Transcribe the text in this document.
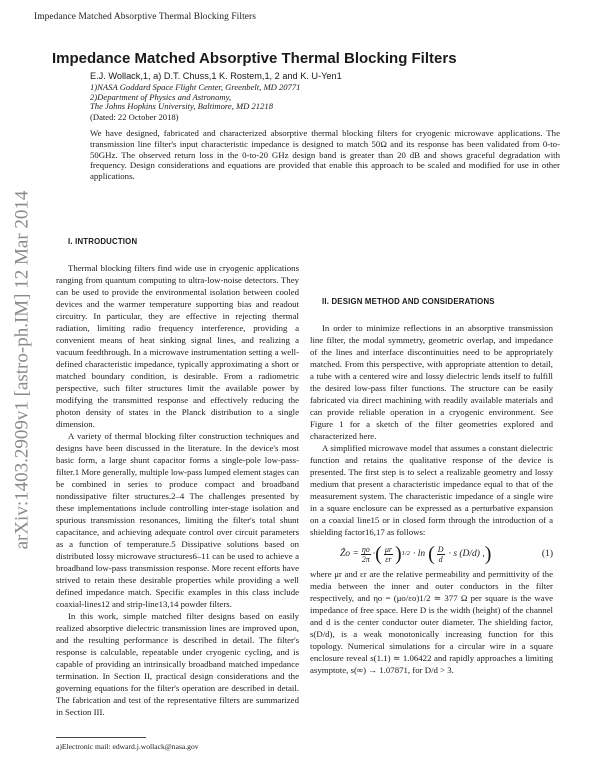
Impedance Matched Absorptive Thermal Blocking Filters
Impedance Matched Absorptive Thermal Blocking Filters
E.J. Wollack,1, a) D.T. Chuss,1 K. Rostem,1, 2 and K. U-Yen1
1)NASA Goddard Space Flight Center, Greenbelt, MD 20771
2)Department of Physics and Astronomy,
The Johns Hopkins University, Baltimore, MD 21218
(Dated: 22 October 2018)
We have designed, fabricated and characterized absorptive thermal blocking filters for cryogenic microwave applications. The transmission line filter's input characteristic impedance is designed to match 50Ω and its response has been validated from 0-to-50GHz. The observed return loss in the 0-to-20 GHz design band is greater than 20 dB and shows graceful degradation with frequency. Design considerations and equations are provided that enable this approach to be scaled and modified for use in other applications.
arXiv:1403.2909v1 [astro-ph.IM] 12 Mar 2014	I. INTRODUCTION

Thermal blocking filters find wide use in cryogenic applications ranging from quantum computing to ultra-low-noise detectors. They can be used to provide the environmental isolation between cooled devices and the warmer temperature supporting bias and readout circuitry. In particular, they are effective in rejecting thermal radiation, limiting radio frequency interference, providing a convenient means of heat sinking signal lines, and realizing a vacuum feedthrough. In a microwave instrumentation setting a well-defined characteristic impedance, typically approximating a short or matched boundary condition, is desirable. From a radiometric perspective, such filter structures limit the available power by modifying the transmitted response and effectively reducing the photon density of states in the Planck distribution to a single dimension.

A variety of thermal blocking filter construction techniques and designs have been discussed in the literature. In the device's most basic form, a large shunt capacitor forms a single-pole low-pass-filter.1 More generally, multiple low-pass lumped element stages can be combined in series to produce compact and broadband nondissipative filter structures.2–4 The challenges presented by these implementations include controlling inter-stage isolation and spurious transmission resonances, limiting the filter's total shunt capacitance, and achieving adequate control over circuit parameters as a function of temperature.5 Dissipative solutions based on distributed lossy microwave structures6–11 can be used to achieve a broadband low-pass transmission response. More recent efforts have strived to retain these desirable properties while providing a well defined impedance match. Specific examples in this class include coaxial-lines12 and strip-line13,14 powder filters.

In this work, simple matched filter designs based on easily realized absorptive dielectric transmission lines are improved upon, and the resulting performance is described in detail. The filter's response is calculable, repeatable under cryogenic cycling, and is capable of providing an intrinsically broadband matched impedance termination. In Section II, practical design considerations and the governing equations for the filter's operation are described in detail. The fabrication and test of the representative filters are summarized in Section III.

II. DESIGN METHOD AND CONSIDERATIONS

In order to minimize reflections in an absorptive transmission line filter, the modal symmetry, geometric overlap, and impedance of the lines and interface discontinuities need to be appropriately matched. From this perspective, with appropriate attention to detail, a tube with a centered wire and lossy dielectric lends itself to fulfill the desired low-pass filter functions. The structure can be easily fabricated via direct machining with readily available materials and can provide reliable operation in a cryogenic environment. See Figure 1 for a sketch of the filter geometries explored and characterized here.

A simplified microwave model that assumes a constant dielectric function and retains the qualitative response of the device is presented. The first step is to select a realizable geometry and lossy medium that present a characteristic impedance equal to that of the measurement system. The characteristic impedance of a single wire in a square enclosure can be expressed as a perturbative expansion on a coaxial line15 or in closed form through the introduction of a shielding factor16,17 as follows:

Ẑo = $\frac{\eta o}{2\pi}$ · ( $\frac{\mu r}{\varepsilon r}$ ) 1/2 · ln ( $\frac{D}{d} \cdot s$ (D/d) , )	(1)

where μr and εr are the relative permeability and permittivity of the media between the inner and outer conductors in the filter respectively, and ηo = (μo/εo)1/2 ≃ 377 Ω per square is the wave impedance of free space. Here D is the width (height) of the channel and d is the center conductor outer diameter. The shielding factor, s(D/d), is a weak monotonically increasing function for this topology. Numerical simulations for a circular wire in a square enclosure reveal s(1.1) ≃ 1.06422 and rapidly approaches a limiting asymptote, s(∞) → 1.07871, for D/d > 3.

a)Electronic mail: edward.j.wollack@nasa.gov
